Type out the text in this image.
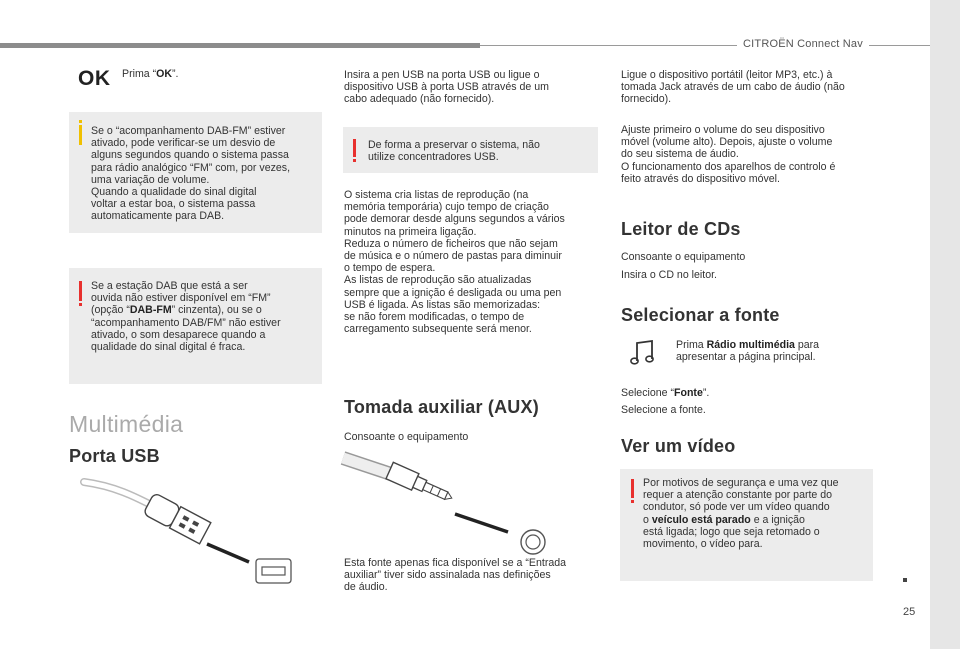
CITROËN Connect Nav
25
OK Prima “OK”.
Se o “acompanhamento DAB-FM” estiver
ativado, pode verificar-se um desvio de
alguns segundos quando o sistema passa
para rádio analógico “FM” com, por vezes,
uma variação de volume.
Quando a qualidade do sinal digital
voltar a estar boa, o sistema passa
automaticamente para DAB.
Se a estação DAB que está a ser
ouvida não estiver disponível em “FM”
(opção “DAB-FM” cinzenta), ou se o
“acompanhamento DAB/FM” não estiver
ativado, o som desaparece quando a
qualidade do sinal digital é fraca.
Multimédia
Porta USB
Insira a pen USB na porta USB ou ligue o
dispositivo USB à porta USB através de um
cabo adequado (não fornecido).
De forma a preservar o sistema, não
utilize concentradores USB.
O sistema cria listas de reprodução (na
memória temporária) cujo tempo de criação
pode demorar desde alguns segundos a vários
minutos na primeira ligação.
Reduza o número de ficheiros que não sejam
de música e o número de pastas para diminuir
o tempo de espera.
As listas de reprodução são atualizadas
sempre que a ignição é desligada ou uma pen
USB é ligada. As listas são memorizadas:
se não forem modificadas, o tempo de
carregamento subsequente será menor.
Tomada auxiliar (AUX)
Consoante o equipamento
Esta fonte apenas fica disponível se a “Entrada
auxiliar” tiver sido assinalada nas definições
de áudio.
Ligue o dispositivo portátil (leitor MP3, etc.) à
tomada Jack através de um cabo de áudio (não
fornecido).
Ajuste primeiro o volume do seu dispositivo
móvel (volume alto). Depois, ajuste o volume
do seu sistema de áudio.
O funcionamento dos aparelhos de controlo é
feito através do dispositivo móvel.
Leitor de CDs
Consoante o equipamento
Insira o CD no leitor.
Selecionar a fonte
Prima Rádio multimédia para
apresentar a página principal.
Selecione “Fonte”.
Selecione a fonte.
Ver um vídeo
Por motivos de segurança e uma vez que
requer a atenção constante por parte do
condutor, só pode ver um vídeo quando
o veículo está parado e a ignição
está ligada; logo que seja retomado o
movimento, o vídeo para.
